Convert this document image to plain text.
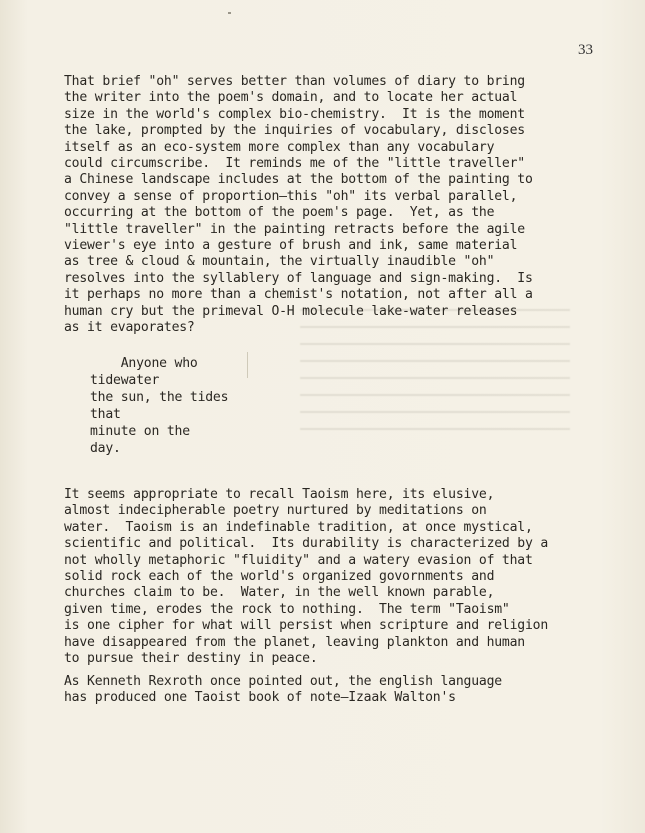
33

That brief "oh" serves better than volumes of diary to bring
the writer into the poem's domain, and to locate her actual
size in the world's complex bio-chemistry.  It is the moment
the lake, prompted by the inquiries of vocabulary, discloses
itself as an eco-system more complex than any vocabulary
could circumscribe.  It reminds me of the "little traveller"
a Chinese landscape includes at the bottom of the painting to
convey a sense of proportion—this "oh" its verbal parallel,
occurring at the bottom of the poem's page.  Yet, as the
"little traveller" in the painting retracts before the agile
viewer's eye into a gesture of brush and ink, same material
as tree & cloud & mountain, the virtually inaudible "oh"
resolves into the syllablery of language and sign-making.  Is
it perhaps no more than a chemist's notation, not after all a
human cry but the primeval O-H molecule lake-water releases
as it evaporates?

Anyone who
tidewater
the sun, the tides
that
minute on the
day.

It seems appropriate to recall Taoism here, its elusive,
almost indecipherable poetry nurtured by meditations on
water.  Taoism is an indefinable tradition, at once mystical,
scientific and political.  Its durability is characterized by a
not wholly metaphoric "fluidity" and a watery evasion of that
solid rock each of the world's organized govornments and
churches claim to be.  Water, in the well known parable,
given time, erodes the rock to nothing.  The term "Taoism"
is one cipher for what will persist when scripture and religion
have disappeared from the planet, leaving plankton and human
to pursue their destiny in peace.

As Kenneth Rexroth once pointed out, the english language
has produced one Taoist book of note—Izaak Walton's
